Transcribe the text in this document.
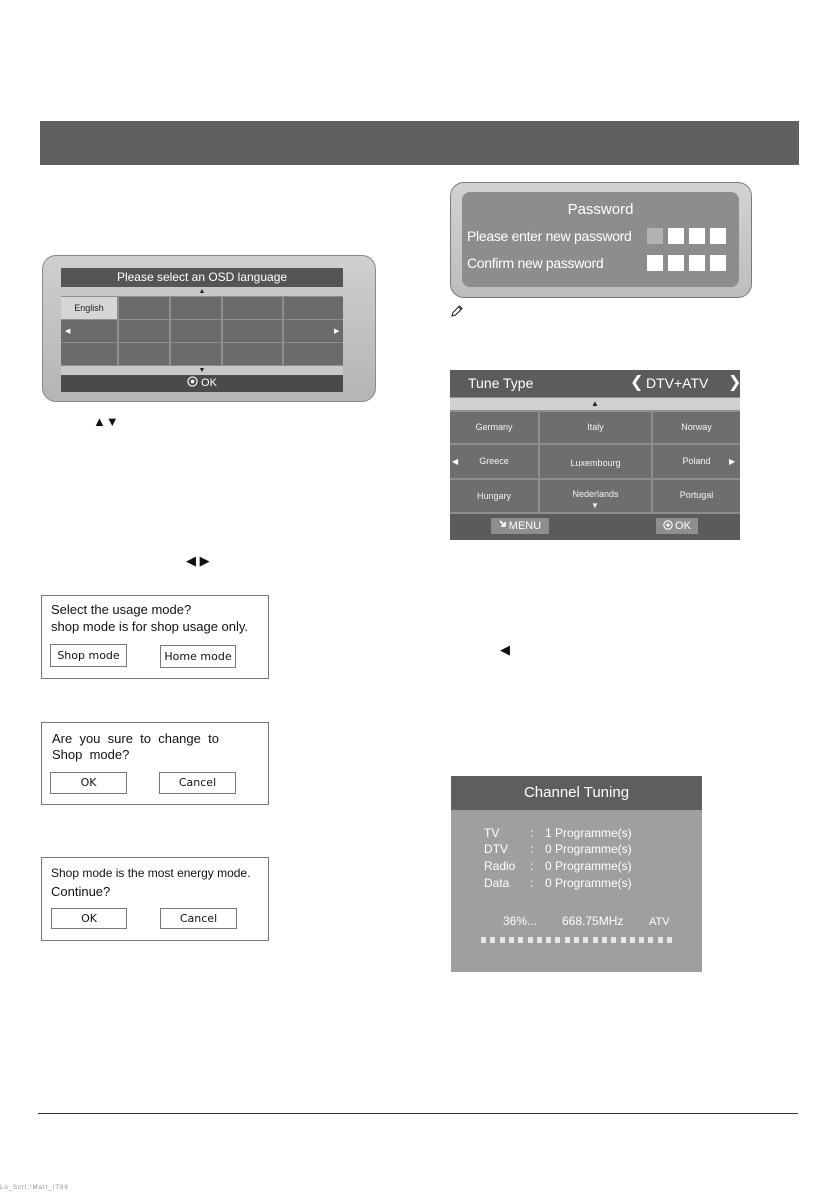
Please select an OSD language
▲
English
◀	▶
▼
OK
▲▼
◀ ▶
◀
Select the usage mode?
shop mode is for shop usage only.
Shop mode	Home mode
Are  you  sure  to  change  to
Shop  mode?
OK	Cancel
Shop mode is the most energy mode.
Continue?
OK	Cancel
Password
Please enter new password
Confirm new password
Tune Type	❮ DTV+ATV ❯
▲
Germany	Italy	Norway
Greece	Luxembourg	Poland
Hungary	Nederlands	Portugal
◀	▶
▼
MENU	OK
Channel Tuning
TV	: 1 Programme(s)
DTV : 0 Programme(s)
Radio : 0 Programme(s)
Data : 0 Programme(s)
36%... 668.75MHz ATV
Lo_Scrl;!Matt_IT99
